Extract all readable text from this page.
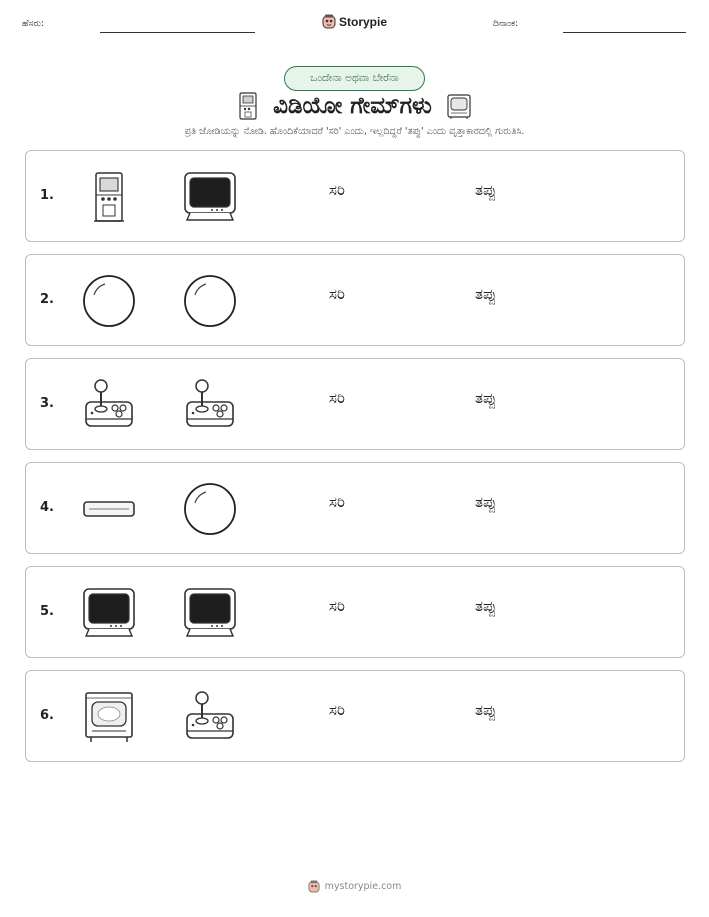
ಹೆಸರು:	Storypie	ದಿನಾಂಕ:
ಒಂದೇನಾ ಅಥವಾ ಬೇರೆನಾ
ವಿಡಿಯೋ ಗೇಮ್‌ಗಳು
ಪ್ರತಿ ಜೋಡಿಯನ್ನು ನೋಡಿ. ಹೊಂದಿಕೆಯಾದರೆ 'ಸರಿ' ಎಂದು, ಇಲ್ಲದಿದ್ದರೆ 'ತಪ್ಪು' ಎಂದು ವೃತ್ತಾಕಾರದಲ್ಲಿ ಗುರುತಿಸಿ.
1.	ಸರಿ	ತಪ್ಪು
2.	ಸರಿ	ತಪ್ಪು
3.	ಸರಿ	ತಪ್ಪು
4.	ಸರಿ	ತಪ್ಪು
5.	ಸರಿ	ತಪ್ಪು
6.	ಸರಿ	ತಪ್ಪು
mystorypie.com
